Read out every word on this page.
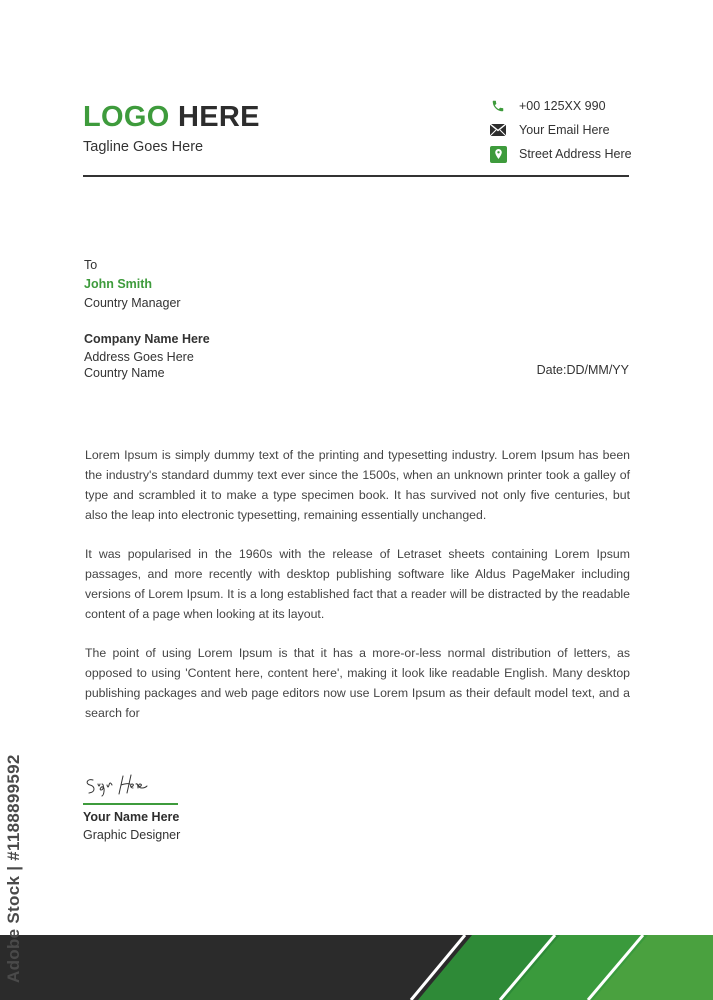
LOGO HERE
Tagline Goes Here
+00 125XX 990
Your Email Here
Street Address Here
To
John Smith
Country Manager
Company Name Here
Address Goes Here
Country Name	Date:DD/MM/YY

Lorem Ipsum is simply dummy text of the printing and typesetting industry. Lorem Ipsum has been the industry's standard dummy text ever since the 1500s, when an unknown printer took a galley of type and scrambled it to make a type specimen book. It has survived not only five centuries, but also the leap into electronic typesetting, remaining essentially unchanged.

It was popularised in the 1960s with the release of Letraset sheets containing Lorem Ipsum passages, and more recently with desktop publishing software like Aldus PageMaker including versions of Lorem Ipsum. It is a long established fact that a reader will be distracted by the readable content of a page when looking at its layout.

The point of using Lorem Ipsum is that it has a more-or-less normal distribution of letters, as opposed to using 'Content here, content here', making it look like readable English. Many desktop publishing packages and web page editors now use Lorem Ipsum as their default model text, and a search for

Your Name Here
Graphic Designer
Adobe Stock | #1188899592
